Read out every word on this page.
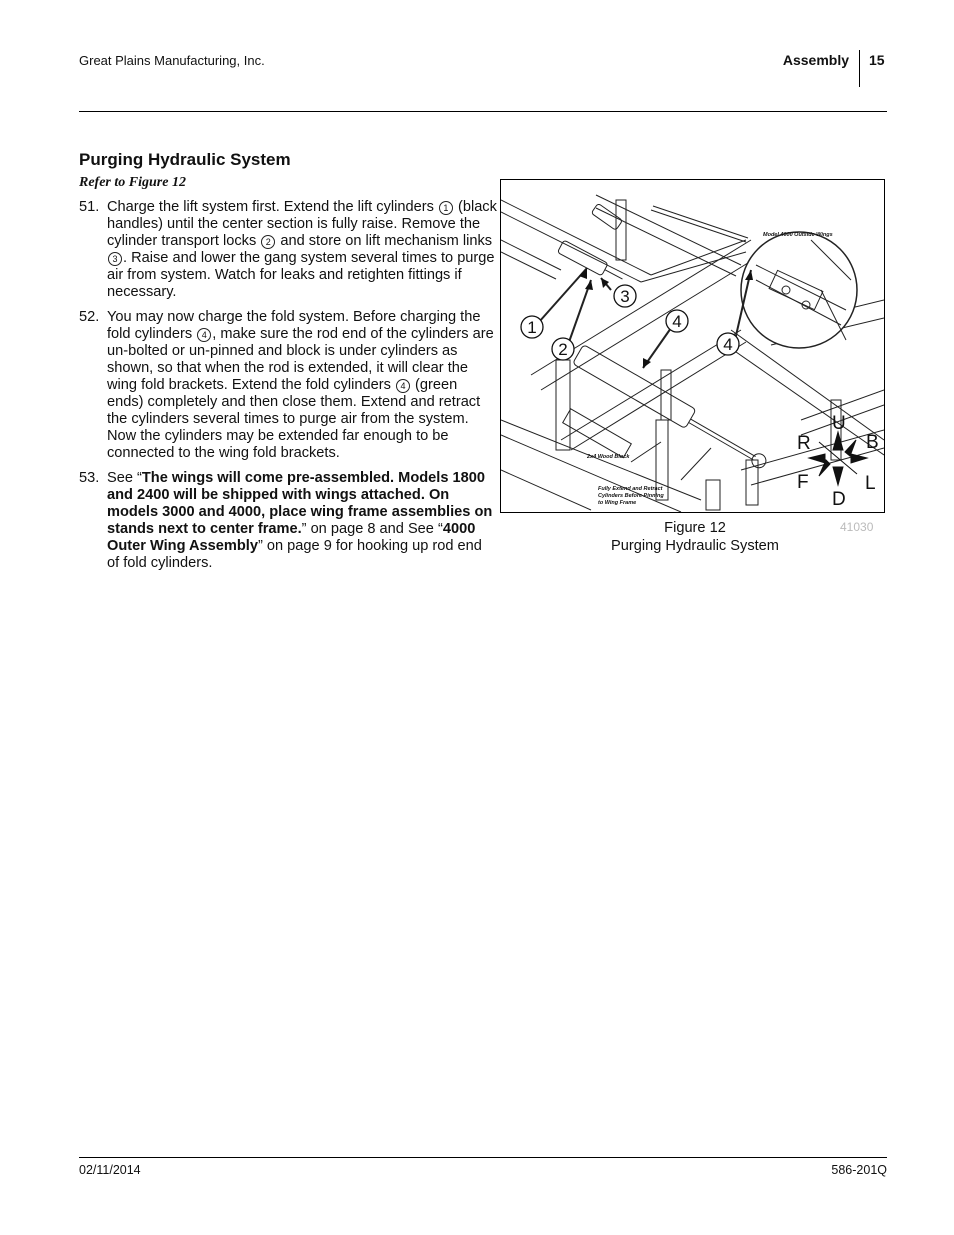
Great Plains Manufacturing, Inc.	Assembly 15
Purging Hydraulic System
Refer to Figure 12
51. Charge the lift system first. Extend the lift cylinders 1 (black handles) until the center section is fully raise. Remove the cylinder transport locks 2 and store on lift mechanism links 3 . Raise and lower the gang system several times to purge air from system. Watch for leaks and retighten fittings if necessary.
52. You may now charge the fold system. Before charging the fold cylinders 4 , make sure the rod end of the cylinders are un-bolted or un-pinned and block is under cylinders as shown, so that when the rod is extended, it will clear the wing fold brackets. Extend the fold cylinders 4 (green ends) completely and then close them. Extend and retract the cylinders several times to purge air from the system. Now the cylinders may be extended far enough to be connected to the wing fold brackets.
53. See “The wings will come pre-assembled. Models 1800 and 2400 will be shipped with wings attached. On models 3000 and 4000, place wing frame assemblies on stands next to center frame.” on page 8 and See “4000 Outer Wing Assembly” on page 9 for hooking up rod end of fold cylinders.
1
2
3
4
4
Model 4000 Outside Wings
2x4 Wood Block
Fully Extend and Retract
Cylinders Before Pinning
to Wing Frame
U
D
R
L
B
F
Figure 12
Purging Hydraulic System
41030
02/11/2014	586-201Q
